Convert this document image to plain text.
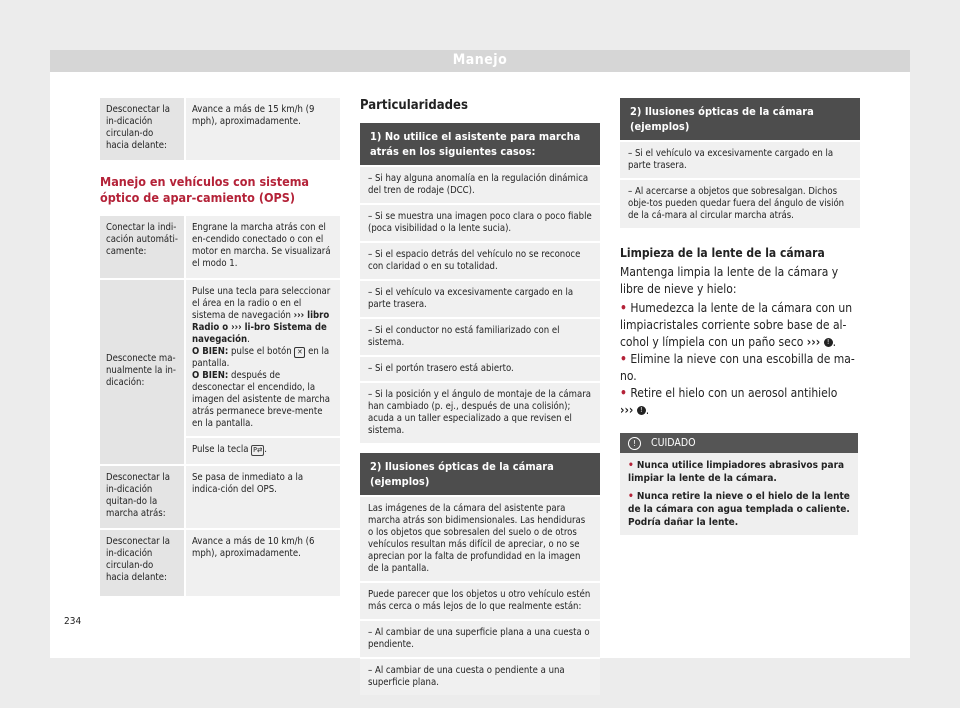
Manejo
Desconectar la in-dicación circulan-do hacia delante:	Avance a más de 15 km/h (9 mph), aproximadamente.
Manejo en vehículos con sistema óptico de apar-camiento (OPS)
Conectar la indi-cación automáti-camente:	Engrane la marcha atrás con el en-cendido conectado o con el motor en marcha. Se visualizará el modo 1.
Desconecte ma-nualmente la in-dicación:	Pulse una tecla para seleccionar el área en la radio o en el sistema de navegación ››› libro Radio o ››› li-bro Sistema de navegación.
O BIEN: pulse el botón ✕ en la pantalla.
O BIEN: después de desconectar el encendido, la imagen del asistente de marcha atrás permanece breve-mente en la pantalla.
Pulse la tecla P⇄ .

Desconectar la in-dicación quitan-do la marcha atrás:	Se pasa de inmediato a la indica-ción del OPS.
Desconectar la in-dicación circulan-do hacia delante:	Avance a más de 10 km/h (6 mph), aproximadamente.
Particularidades
1) No utilice el asistente para marcha atrás en los siguientes casos:
– Si hay alguna anomalía en la regulación dinámica del tren de rodaje (DCC).
– Si se muestra una imagen poco clara o poco fiable (poca visibilidad o la lente sucia).
– Si el espacio detrás del vehículo no se reconoce con claridad o en su totalidad.
– Si el vehículo va excesivamente cargado en la parte trasera.
– Si el conductor no está familiarizado con el sistema.
– Si el portón trasero está abierto.
– Si la posición y el ángulo de montaje de la cámara han cambiado (p. ej., después de una colisión); acuda a un taller especializado a que revisen el sistema.
2) Ilusiones ópticas de la cámara (ejemplos)
Las imágenes de la cámara del asistente para marcha atrás son bidimensionales. Las hendiduras o los objetos que sobresalen del suelo o de otros vehículos resultan más difícil de apreciar, o no se aprecian por la falta de profundidad en la imagen de la pantalla.
Puede parecer que los objetos u otro vehículo estén más cerca o más lejos de lo que realmente están:
– Al cambiar de una superficie plana a una cuesta o pendiente.
– Al cambiar de una cuesta o pendiente a una superficie plana.
2) Ilusiones ópticas de la cámara (ejemplos)
– Si el vehículo va excesivamente cargado en la parte trasera.
– Al acercarse a objetos que sobresalgan. Dichos obje-tos pueden quedar fuera del ángulo de visión de la cá-mara al circular marcha atrás.
Limpieza de la lente de la cámara
Mantenga limpia la lente de la cámara y libre de nieve y hielo:
• Humedezca la lente de la cámara con un limpiacristales corriente sobre base de al-cohol y límpiela con un paño seco ››› ! .
• Elimine la nieve con una escobilla de ma-no.
• Retire el hielo con un aerosol antihielo
››› ! .
! CUIDADO
• Nunca utilice limpiadores abrasivos para limpiar la lente de la cámara.
• Nunca retire la nieve o el hielo de la lente de la cámara con agua templada o caliente. Podría dañar la lente.
234
